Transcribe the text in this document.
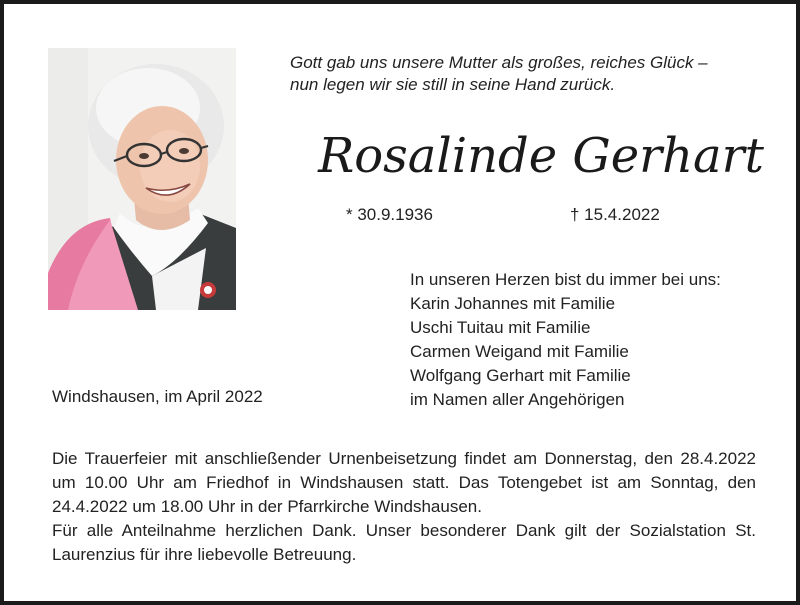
Gott gab uns unsere Mutter als großes, reiches Glück –
nun legen wir sie still in seine Hand zurück.
Rosalinde Gerhart
* 30.9.1936	† 15.4.2022
In unseren Herzen bist du immer bei uns:
Karin Johannes mit Familie
Uschi Tuitau mit Familie
Carmen Weigand mit Familie
Wolfgang Gerhart mit Familie
im Namen aller Angehörigen
Windshausen, im April 2022
Die Trauerfeier mit anschließender Urnenbeisetzung findet am Donnerstag, den 28.4.2022 um 10.00 Uhr am Friedhof in Windshausen statt. Das Totengebet ist am Sonntag, den 24.4.2022 um 18.00 Uhr in der Pfarrkirche Windshausen.
Für alle Anteilnahme herzlichen Dank. Unser besonderer Dank gilt der Sozialstation St. Laurenzius für ihre liebevolle Betreuung.
